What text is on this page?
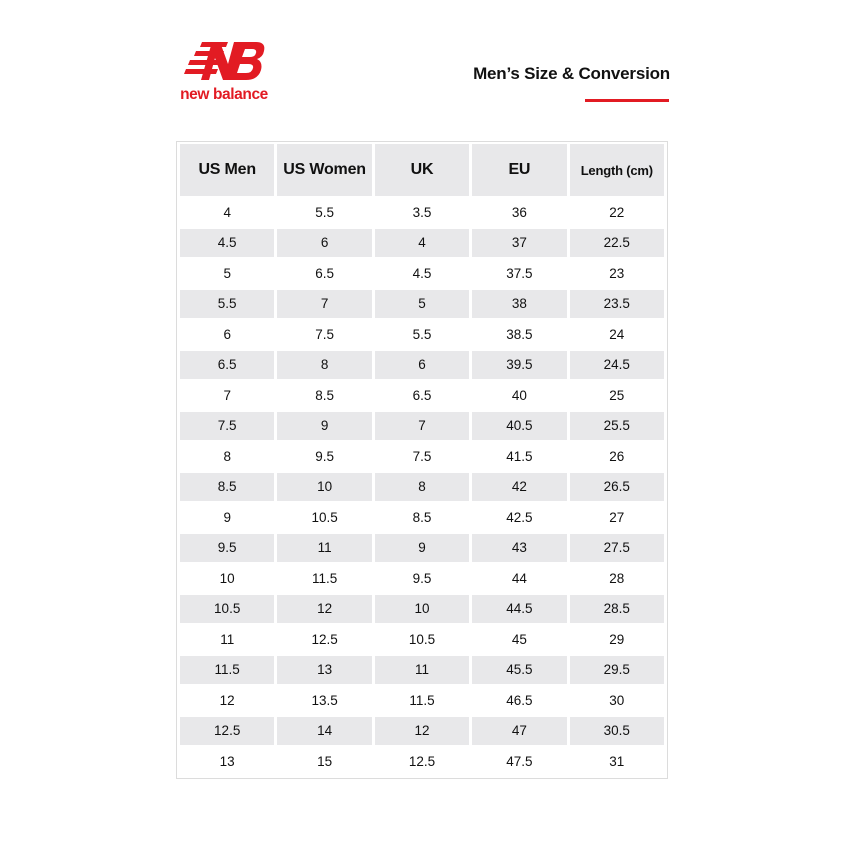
new balance
Men’s Size & Conversion
US Men	US Women	UK	EU	Length (cm)
4	5.5	3.5	36	22
4.5	6	4	37	22.5
5	6.5	4.5	37.5	23
5.5	7	5	38	23.5
6	7.5	5.5	38.5	24
6.5	8	6	39.5	24.5
7	8.5	6.5	40	25
7.5	9	7	40.5	25.5
8	9.5	7.5	41.5	26
8.5	10	8	42	26.5
9	10.5	8.5	42.5	27
9.5	11	9	43	27.5
10	11.5	9.5	44	28
10.5	12	10	44.5	28.5
11	12.5	10.5	45	29
11.5	13	11	45.5	29.5
12	13.5	11.5	46.5	30
12.5	14	12	47	30.5
13	15	12.5	47.5	31
